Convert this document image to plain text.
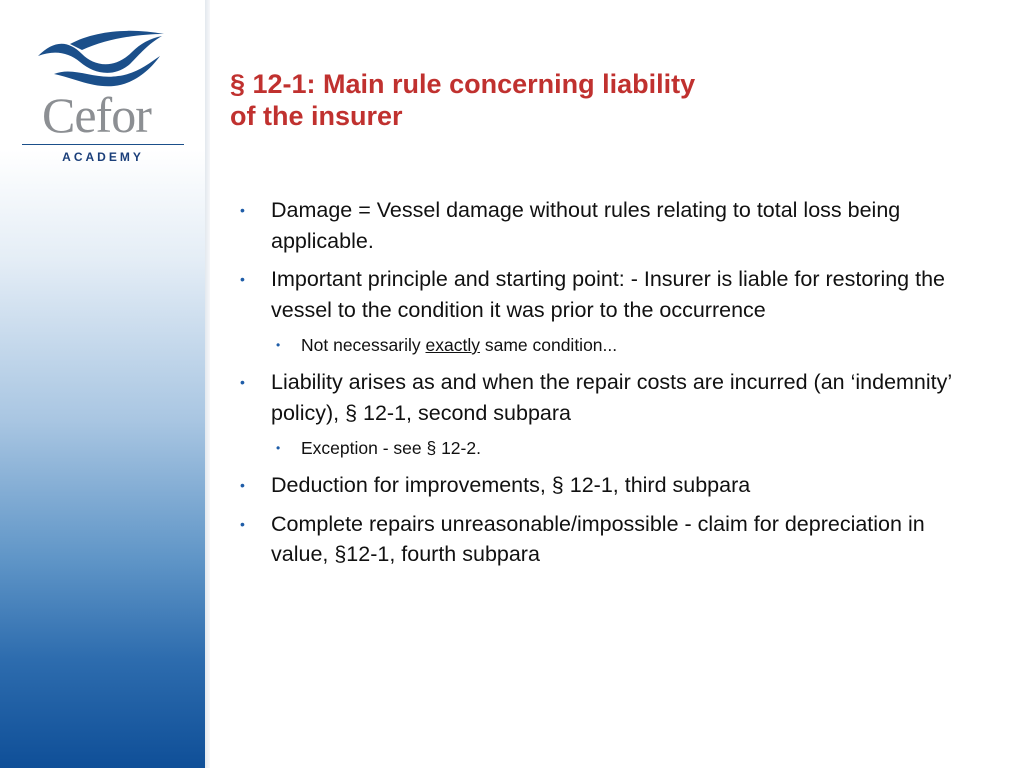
Cefor
ACADEMY
§ 12-1: Main rule concerning liability
of the insurer
• Damage = Vessel damage without rules relating to total loss being applicable.
• Important principle and starting point: - Insurer is liable for restoring the vessel to the condition it was prior to the occurrence
• Not necessarily exactly same condition...
• Liability arises as and when the repair costs are incurred (an ‘indemnity’ policy), § 12-1, second subpara
• Exception - see § 12-2.
• Deduction for improvements, § 12-1, third subpara
• Complete repairs unreasonable/impossible - claim for depreciation in value, §12-1, fourth subpara
